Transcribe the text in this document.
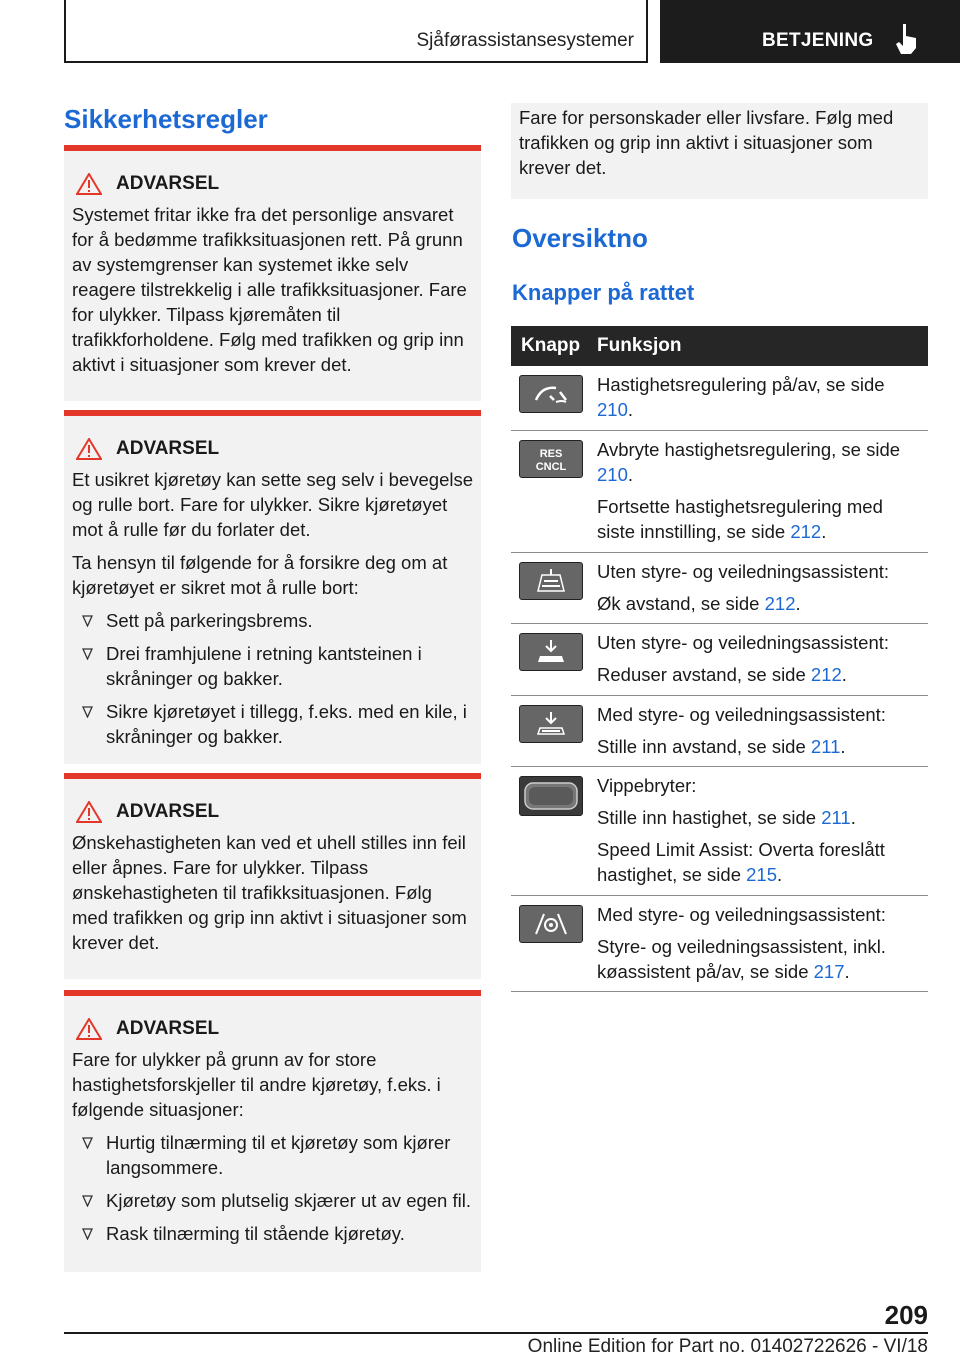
Sjåførassistansesystemer	BETJENING
Sikkerhetsregler
ADVARSEL

Systemet fritar ikke fra det personlige ansvaret for å bedømme trafikksituasjonen rett. På grunn av systemgrenser kan systemet ikke selv reagere tilstrekkelig i alle trafikksituasjoner. Fare for ulykker. Tilpass kjøremåten til trafikkforholdene. Følg med trafikken og grip inn aktivt i situasjoner som krever det.

ADVARSEL

Et usikret kjøretøy kan sette seg selv i bevegelse og rulle bort. Fare for ulykker. Sikre kjøretøyet mot å rulle før du forlater det.

Ta hensyn til følgende for å forsikre deg om at kjøretøyet er sikret mot å rulle bort:

Sett på parkeringsbrems.
Drei framhjulene i retning kantsteinen i skråninger og bakker.
Sikre kjøretøyet i tillegg, f.eks. med en kile, i skråninger og bakker.
ADVARSEL

Ønskehastigheten kan ved et uhell stilles inn feil eller åpnes. Fare for ulykker. Tilpass ønskehastigheten til trafikksituasjonen. Følg med trafikken og grip inn aktivt i situasjoner som krever det.

ADVARSEL

Fare for ulykker på grunn av for store hastighetsforskjeller til andre kjøretøy, f.eks. i følgende situasjoner:

Hurtig tilnærming til et kjøretøy som kjører langsommere.
Kjøretøy som plutselig skjærer ut av egen fil.
Rask tilnærming til stående kjøretøy.
Fare for personskader eller livsfare. Følg med trafikken og grip inn aktivt i situasjoner som krever det.
Oversiktno
Knapper på rattet
Knapp Funksjon

Hastighetsregulering på/av, se side 210.

RES
CNCL

Avbryte hastighetsregulering, se side 210.

Fortsette hastighetsregulering med siste innstilling, se side 212.

Uten styre- og veiledningsassistent:

Øk avstand, se side 212.

Uten styre- og veiledningsassistent:

Reduser avstand, se side 212.

Med styre- og veiledningsassistent:

Stille inn avstand, se side 211.

Vippebryter:

Stille inn hastighet, se side 211.

Speed Limit Assist: Overta foreslått hastighet, se side 215.

Med styre- og veiledningsassistent:

Styre- og veiledningsassistent, inkl. køassistent på/av, se side 217.

209
Online Edition for Part no. 01402722626 - VI/18
